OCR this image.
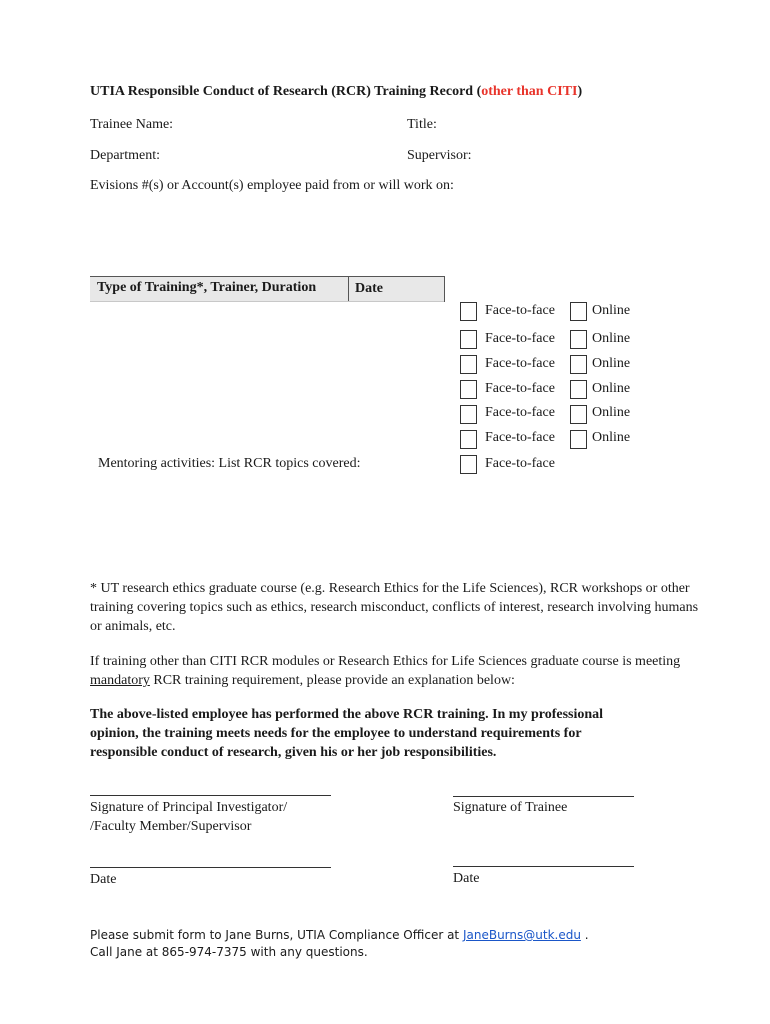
UTIA Responsible Conduct of Research (RCR) Training Record (other than CITI)
Trainee Name:	Title:
Department:	Supervisor:
Evisions #(s) or Account(s) employee paid from or will work on:
Type of Training*, Trainer, Duration	Date
Face-to-face	Online
Face-to-face	Online
Face-to-face	Online
Face-to-face	Online
Face-to-face	Online
Face-to-face	Online
Mentoring activities: List RCR topics covered:	Face-to-face
* UT research ethics graduate course (e.g. Research Ethics for the Life Sciences), RCR workshops or other training covering topics such as ethics, research misconduct, conflicts of interest, research involving humans or animals, etc.
If training other than CITI RCR modules or Research Ethics for Life Sciences graduate course is meeting mandatory RCR training requirement, please provide an explanation below:
The above-listed employee has performed the above RCR training. In my professional opinion, the training meets needs for the employee to understand requirements for responsible conduct of research, given his or her job responsibilities.
Signature of Principal Investigator/
/Faculty Member/Supervisor
Signature of Trainee
Date	Date
Please submit form to Jane Burns, UTIA Compliance Officer at JaneBurns@utk.edu .
Call Jane at 865-974-7375 with any questions.
